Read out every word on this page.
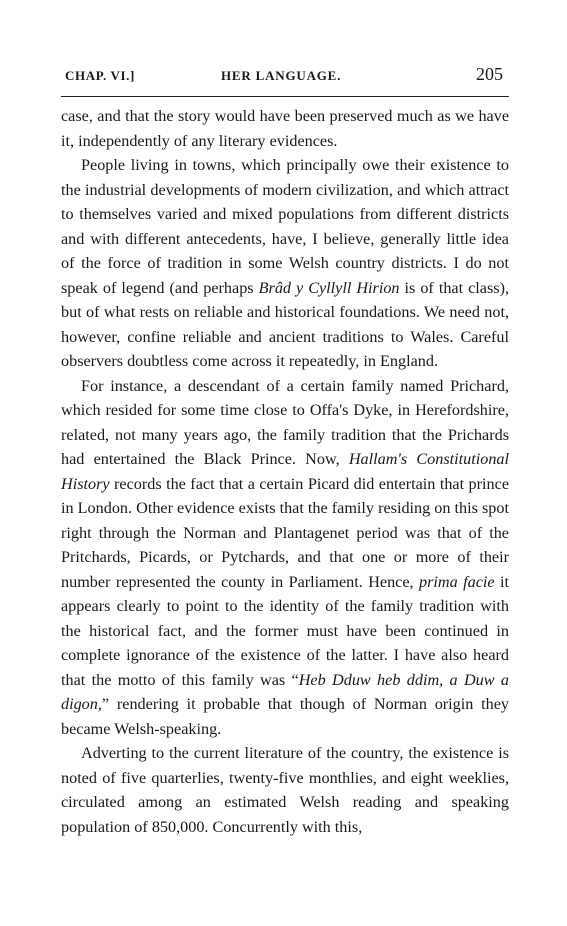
CHAP. VI.]	HER LANGUAGE.	205

case, and that the story would have been preserved much as we have it, independently of any literary evidences.

People living in towns, which principally owe their existence to the industrial developments of modern civilization, and which attract to themselves varied and mixed populations from different districts and with different antecedents, have, I believe, generally little idea of the force of tradition in some Welsh country districts. I do not speak of legend (and perhaps Brâd y Cyllyll Hirion is of that class), but of what rests on reliable and historical foundations. We need not, however, confine reliable and ancient traditions to Wales. Careful observers doubtless come across it repeatedly, in England.

For instance, a descendant of a certain family named Prichard, which resided for some time close to Offa's Dyke, in Herefordshire, related, not many years ago, the family tradition that the Prichards had entertained the Black Prince. Now, Hallam's Constitutional History records the fact that a certain Picard did entertain that prince in London. Other evidence exists that the family residing on this spot right through the Norman and Plantagenet period was that of the Pritchards, Picards, or Pytchards, and that one or more of their number represented the county in Parliament. Hence, prima facie it appears clearly to point to the identity of the family tradition with the historical fact, and the former must have been continued in complete ignorance of the existence of the latter. I have also heard that the motto of this family was “Heb Dduw heb ddim, a Duw a digon,” rendering it probable that though of Norman origin they became Welsh-speaking.

Adverting to the current literature of the country, the existence is noted of five quarterlies, twenty-five monthlies, and eight weeklies, circulated among an estimated Welsh reading and speaking population of 850,000. Concurrently with this,
